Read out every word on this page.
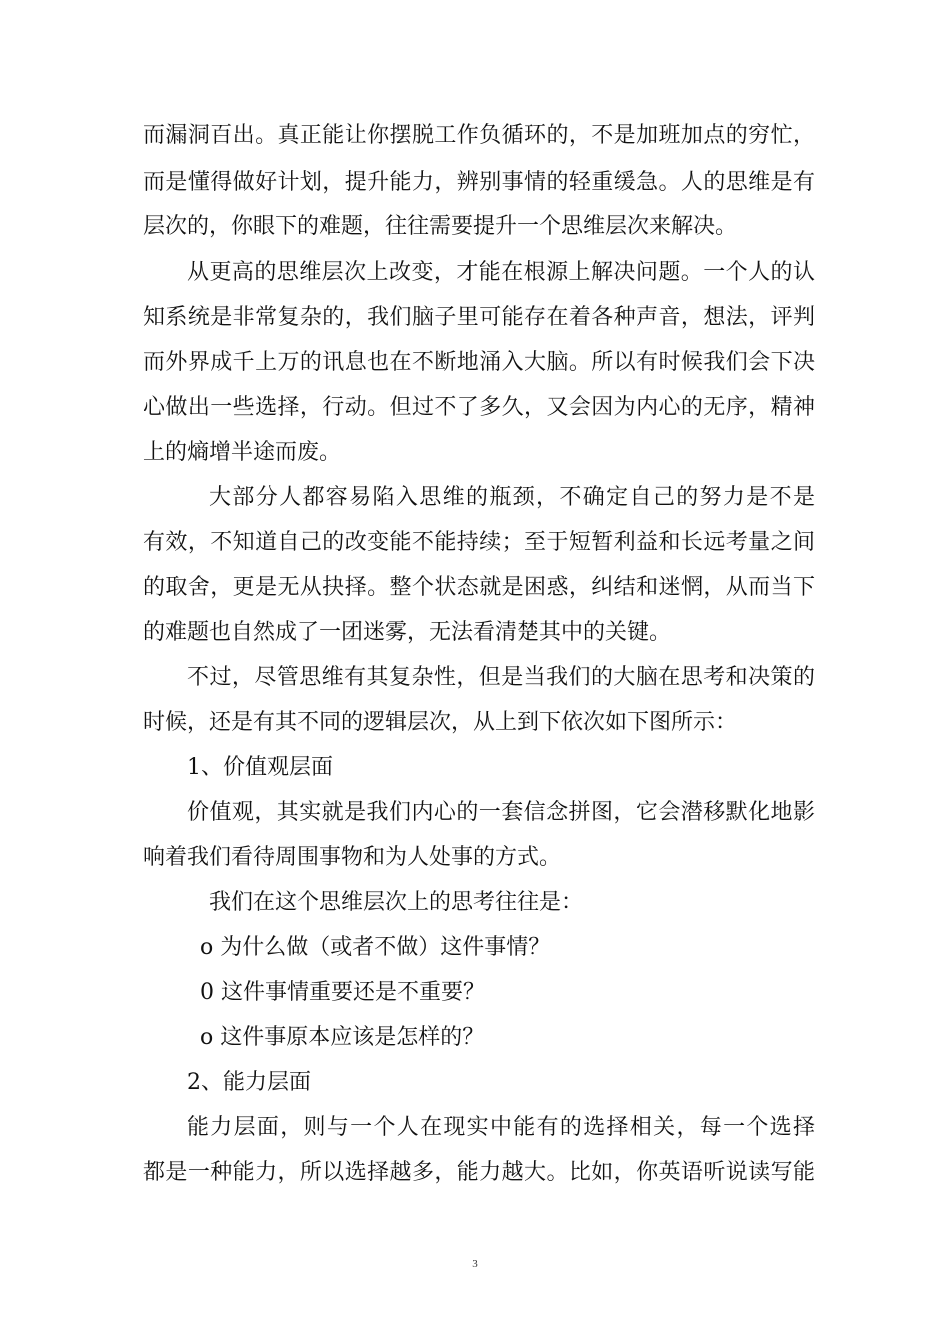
而漏洞百出。真正能让你摆脱工作负循环的，不是加班加点的穷忙，
而是懂得做好计划，提升能力，辨别事情的轻重缓急。人的思维是有
层次的，你眼下的难题，往往需要提升一个思维层次来解决。
从更高的思维层次上改变，才能在根源上解决问题。一个人的认
知系统是非常复杂的，我们脑子里可能存在着各种声音，想法，评判
而外界成千上万的讯息也在不断地涌入大脑。所以有时候我们会下决
心做出一些选择，行动。但过不了多久，又会因为内心的无序，精神
上的熵增半途而废。
大部分人都容易陷入思维的瓶颈，不确定自己的努力是不是
有效，不知道自己的改变能不能持续；至于短暂利益和长远考量之间
的取舍，更是无从抉择。整个状态就是困惑，纠结和迷惘，从而当下
的难题也自然成了一团迷雾，无法看清楚其中的关键。
不过，尽管思维有其复杂性，但是当我们的大脑在思考和决策的
时候，还是有其不同的逻辑层次，从上到下依次如下图所示：
1、价值观层面
价值观，其实就是我们内心的一套信念拼图，它会潜移默化地影
响着我们看待周围事物和为人处事的方式。
我们在这个思维层次上的思考往往是：
o 为什么做（或者不做）这件事情？
0 这件事情重要还是不重要？
o 这件事原本应该是怎样的？
2、能力层面
能力层面，则与一个人在现实中能有的选择相关，每一个选择
都是一种能力，所以选择越多，能力越大。比如，你英语听说读写能
3
